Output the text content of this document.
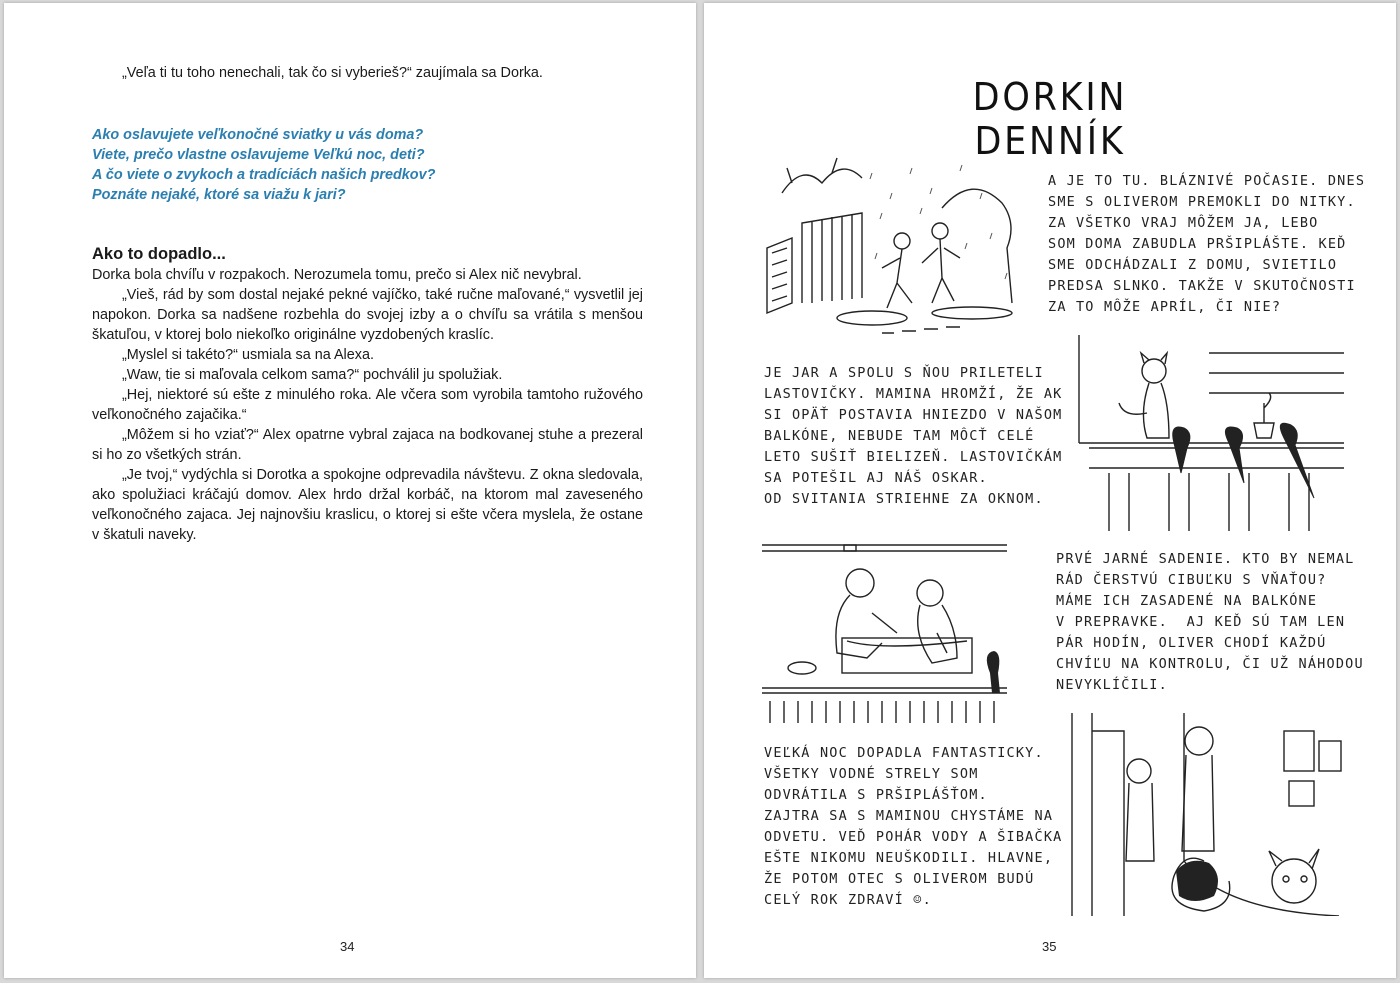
„Veľa ti tu toho nenechali, tak čo si vyberieš?“ zaujímala sa Dorka.

Ako oslavujete veľkonočné sviatky u vás doma?
Viete, prečo vlastne oslavujeme Veľkú noc, deti?
A čo viete o zvykoch a tradíciách našich predkov?
Poznáte nejaké, ktoré sa viažu k jari?
Ako to dopadlo...

Dorka bola chvíľu v rozpakoch. Nerozumela tomu, prečo si Alex nič nevybral.

„Vieš, rád by som dostal nejaké pekné vajíčko, také ručne maľované,“ vysvetlil jej napokon. Dorka sa nadšene rozbehla do svojej izby a o chvíľu sa vrátila s menšou škatuľou, v ktorej bolo niekoľko originálne vyzdobených kraslíc.

„Myslel si takéto?“ usmiala sa na Alexa.

„Waw, tie si maľovala celkom sama?“ pochválil ju spolužiak.

„Hej, niektoré sú ešte z minulého roka. Ale včera som vyrobila tamtoho ružového veľkonočného zajačika.“

„Môžem si ho vziať?“ Alex opatrne vybral zajaca na bodkovanej stuhe a prezeral si ho zo všetkých strán.

„Je tvoj,“ vydýchla si Dorotka a spokojne odprevadila návštevu. Z okna sledovala, ako spolužiaci kráčajú domov. Alex hrdo držal korbáč, na ktorom mal zaveseného veľkonočného zajaca. Jej najnovšiu kraslicu, o ktorej si ešte včera myslela, že ostane v škatuli naveky.

34
DORKIN DENNÍK
A JE TO TU. BLÁZNIVÉ POČASIE. DNES
SME S OLIVEROM PREMOKLI DO NITKY.
ZA VŠETKO VRAJ MÔŽEM JA, LEBO
SOM DOMA ZABUDLA PRŠIPLÁŠTE. KEĎ
SME ODCHÁDZALI Z DOMU, SVIETILO
PREDSA SLNKO. TAKŽE V SKUTOČNOSTI
ZA TO MÔŽE APRÍL, ČI NIE?
JE JAR A SPOLU S ŇOU PRILETELI
LASTOVIČKY. MAMINA HROMŽÍ, ŽE AK
SI OPÄŤ POSTAVIA HNIEZDO V NAŠOM
BALKÓNE, NEBUDE TAM MÔCŤ CELÉ
LETO SUŠIŤ BIELIZEŇ. LASTOVIČKÁM
SA POTEŠIL AJ NÁŠ OSKAR.
OD SVITANIA STRIEHNE ZA OKNOM.
PRVÉ JARNÉ SADENIE. KTO BY NEMAL
RÁD ČERSTVÚ CIBUĽKU S VŇAŤOU?
MÁME ICH ZASADENÉ NA BALKÓNE
V PREPRAVKE.  AJ KEĎ SÚ TAM LEN
PÁR HODÍN, OLIVER CHODÍ KAŽDÚ
CHVÍĽU NA KONTROLU, ČI UŽ NÁHODOU
NEVYKLÍČILI.
VEĽKÁ NOC DOPADLA FANTASTICKY.
VŠETKY VODNÉ STRELY SOM
ODVRÁTILA S PRŠIPLÁŠŤOM.
ZAJTRA SA S MAMINOU CHYSTÁME NA
ODVETU. VEĎ POHÁR VODY A ŠIBAČKA
EŠTE NIKOMU NEUŠKODILI. HLAVNE,
ŽE POTOM OTEC S OLIVEROM BUDÚ
CELÝ ROK ZDRAVÍ ☺.
35
